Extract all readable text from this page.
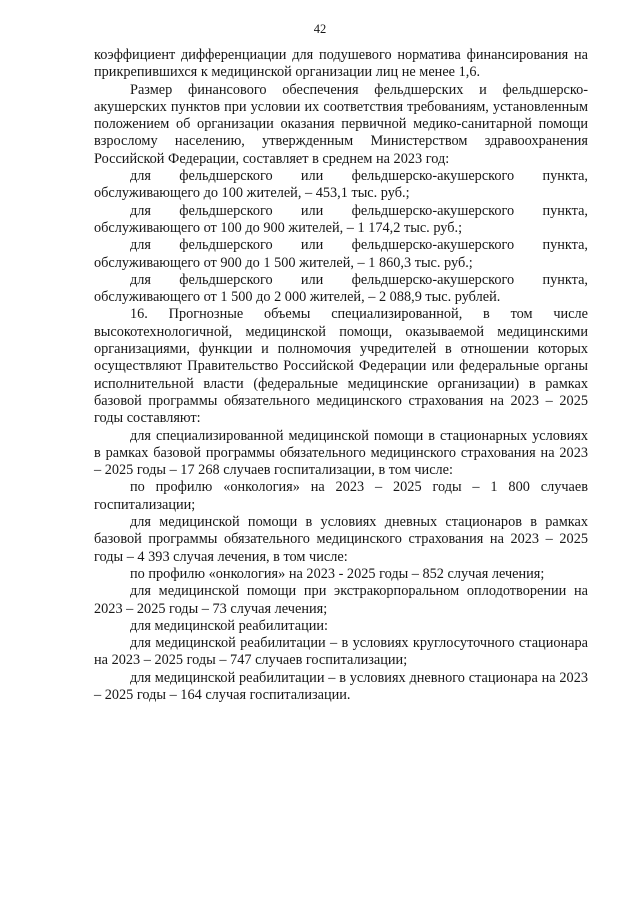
42

коэффициент дифференциации для подушевого норматива финансирования на прикрепившихся к медицинской организации лиц не менее 1,6.

Размер финансового обеспечения фельдшерских и фельдшерско-акушерских пунктов при условии их соответствия требованиям, установленным положением об организации оказания первичной медико-санитарной помощи взрослому населению, утвержденным Министерством здравоохранения Российской Федерации, составляет в среднем на 2023 год:

для фельдшерского или фельдшерско-акушерского пункта, обслуживающего до 100 жителей, – 453,1 тыс. руб.;

для фельдшерского или фельдшерско-акушерского пункта, обслуживающего от 100 до 900 жителей, – 1 174,2 тыс. руб.;

для фельдшерского или фельдшерско-акушерского пункта, обслуживающего от 900 до 1 500 жителей, – 1 860,3 тыс. руб.;

для фельдшерского или фельдшерско-акушерского пункта, обслуживающего от 1 500 до 2 000 жителей, – 2 088,9 тыс. рублей.

16. Прогнозные объемы специализированной, в том числе высокотехнологичной, медицинской помощи, оказываемой медицинскими организациями, функции и полномочия учредителей в отношении которых осуществляют Правительство Российской Федерации или федеральные органы исполнительной власти (федеральные медицинские организации) в рамках базовой программы обязательного медицинского страхования на 2023 – 2025 годы составляют:

для специализированной медицинской помощи в стационарных условиях в рамках базовой программы обязательного медицинского страхования на 2023 – 2025 годы – 17 268 случаев госпитализации, в том числе:

по профилю «онкология» на 2023 – 2025 годы – 1 800 случаев госпитализации;

для медицинской помощи в условиях дневных стационаров в рамках базовой программы обязательного медицинского страхования на 2023 – 2025 годы – 4 393 случая лечения, в том числе:

по профилю «онкология» на 2023 - 2025 годы – 852 случая лечения;

для медицинской помощи при экстракорпоральном оплодотворении на 2023 – 2025 годы – 73 случая лечения;

для медицинской реабилитации:

для медицинской реабилитации – в условиях круглосуточного стационара на 2023 – 2025 годы – 747 случаев госпитализации;

для медицинской реабилитации – в условиях дневного стационара на 2023 – 2025 годы – 164 случая госпитализации.
